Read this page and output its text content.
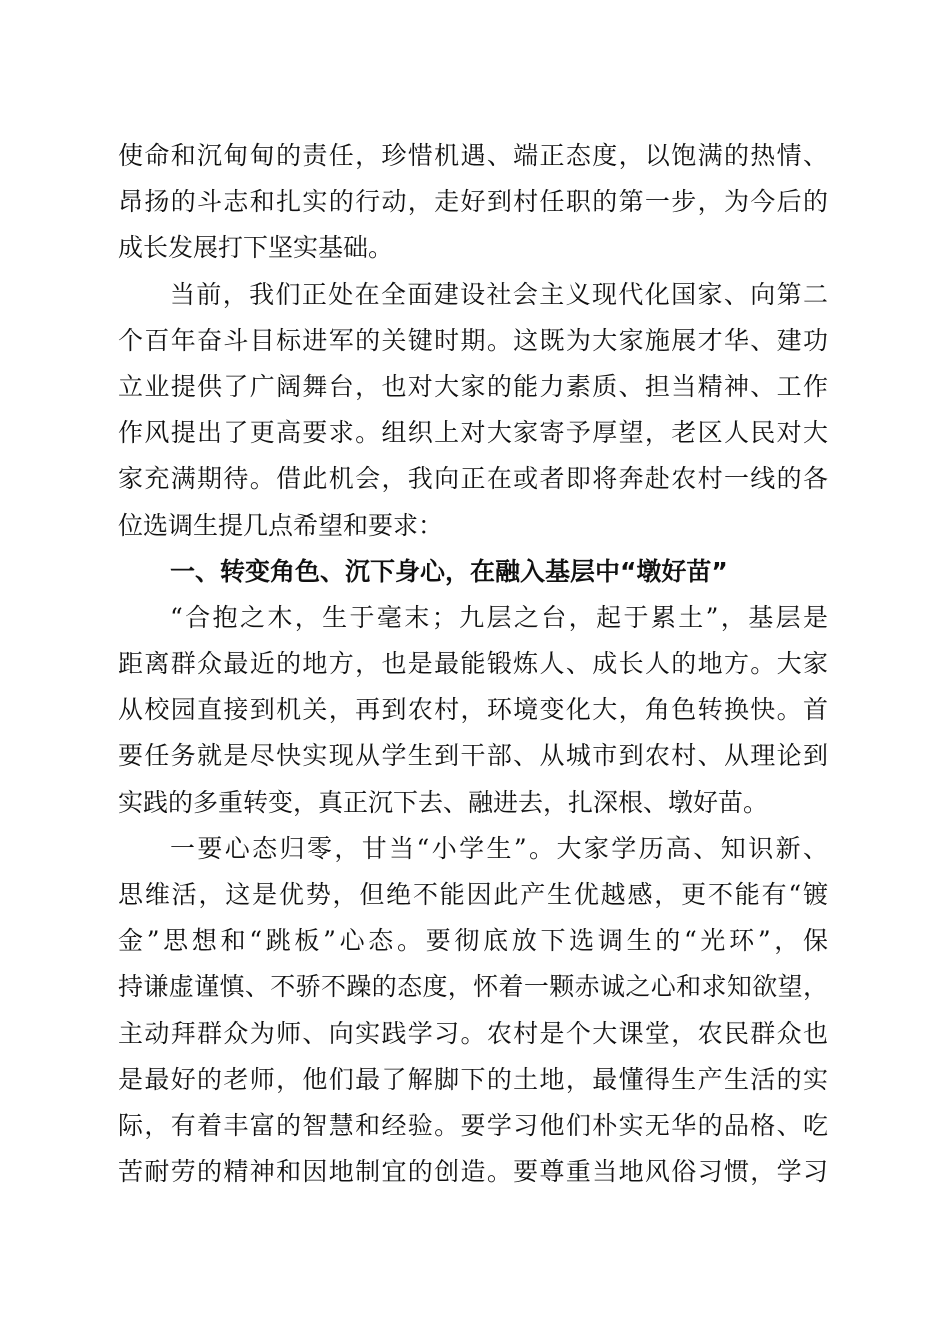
使命和沉甸甸的责任，珍惜机遇、端正态度，以饱满的热情、
昂扬的斗志和扎实的行动，走好到村任职的第一步，为今后的
成长发展打下坚实基础。
当前，我们正处在全面建设社会主义现代化国家、向第二
个百年奋斗目标进军的关键时期。这既为大家施展才华、建功
立业提供了广阔舞台，也对大家的能力素质、担当精神、工作
作风提出了更高要求。组织上对大家寄予厚望，老区人民对大
家充满期待。借此机会，我向正在或者即将奔赴农村一线的各
位选调生提几点希望和要求：
一、转变角色、沉下身心，在融入基层中“墩好苗”
“合抱之木，生于毫末；九层之台，起于累土”，基层是
距离群众最近的地方，也是最能锻炼人、成长人的地方。大家
从校园直接到机关，再到农村，环境变化大，角色转换快。首
要任务就是尽快实现从学生到干部、从城市到农村、从理论到
实践的多重转变，真正沉下去、融进去，扎深根、墩好苗。
一要心态归零，甘当“小学生”。大家学历高、知识新、
思维活，这是优势，但绝不能因此产生优越感，更不能有“镀
金”思想和“跳板”心态。要彻底放下选调生的“光环”，保
持谦虚谨慎、不骄不躁的态度，怀着一颗赤诚之心和求知欲望，
主动拜群众为师、向实践学习。农村是个大课堂，农民群众也
是最好的老师，他们最了解脚下的土地，最懂得生产生活的实
际，有着丰富的智慧和经验。要学习他们朴实无华的品格、吃
苦耐劳的精神和因地制宜的创造。要尊重当地风俗习惯，学习
